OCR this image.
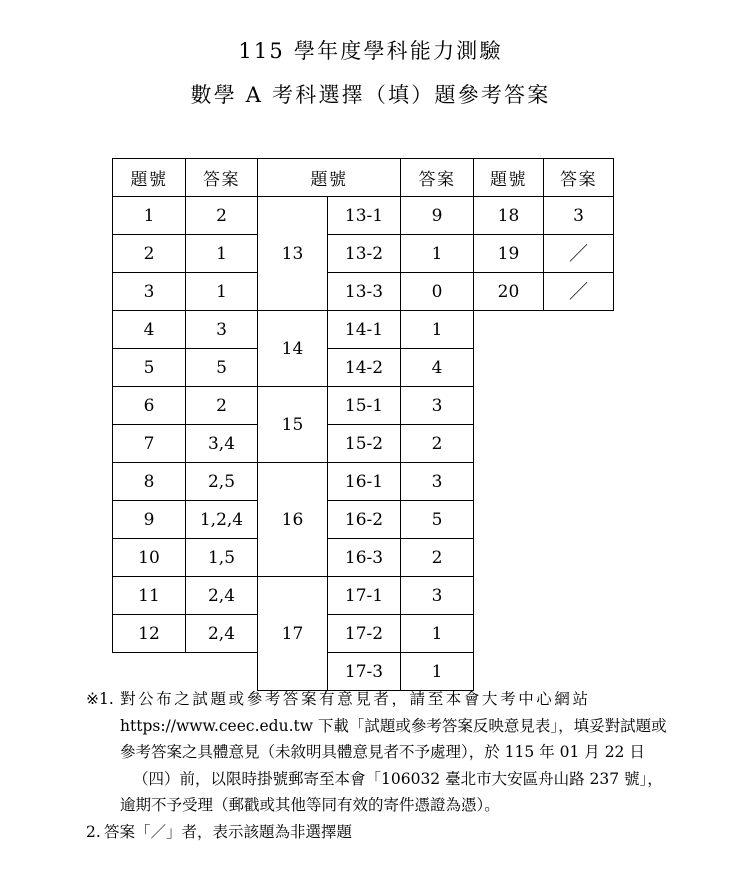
115 學年度學科能力測驗
數學 A 考科選擇（填）題參考答案
題號	答案	題號		答案	題號	答案
1	2	13	13-1	9	18	3
2	1		13-2	1	19	／
3	1		13-3	0	20	／
4	3	14	14-1	1		
5	5		14-2	4		
6	2	15	15-1	3		
7	3,4		15-2	2		
8	2,5	16	16-1	3		
9	1,2,4		16-2	5		
10	1,5		16-3	2		
11	2,4	17	17-1	3		
12	2,4		17-2	1		
			17-3	1		
※1. 對公布之試題或參考答案有意見者，請至本會大考中心網站
https://www.ceec.edu.tw 下載「試題或參考答案反映意見表」，填妥對試題或
參考答案之具體意見（未敘明具體意見者不予處理），於 115 年 01 月 22 日
（四）前，以限時掛號郵寄至本會「106032 臺北市大安區舟山路 237 號」，
逾期不予受理（郵戳或其他等同有效的寄件憑證為憑）。
2. 答案「／」者，表示該題為非選擇題
